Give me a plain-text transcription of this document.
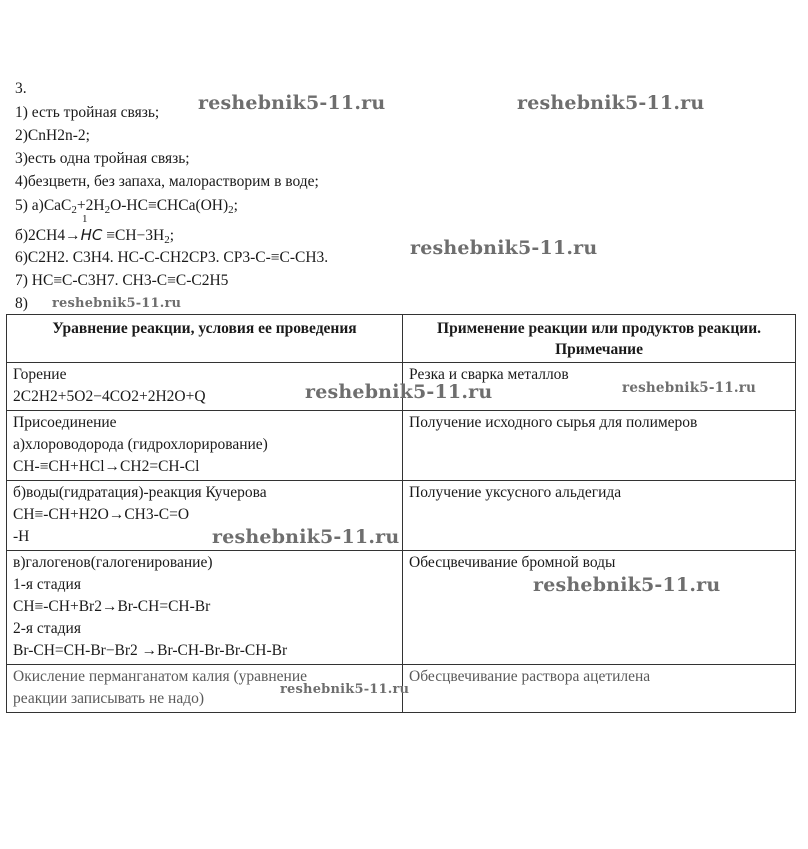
3.
1) есть тройная связь;
2)CnH2n-2;
3)есть одна тройная связь;
4)безцветн, без запаха, малорастворим в воде;
5) $а)CaC_2+2H_2O-HC\equiv CHCa(OH)_2$;
1
$б)2CH4\to HC \equiv CH-3H_2$;
6)C2H2. C3H4. HC-C-CH2CP3. CP3-C-≡C-CH3.
7) HC≡C-C3H7. CH3-C≡C-C2H5
8)
Уравнение реакции, условия ее проведения	Применение реакции или продуктов реакции. Примечание

Горение
2C2H2+5O2−4CO2+2H2O+Q	Резка и сварка металлов

Присоединение
а)хлороводорода (гидрохлорирование)
CH-≡CH+HCl→CH2=CH-Cl	Получение исходного сырья для полимеров

б)воды(гидратация)-реакция Кучерова
CH≡-CH+H2O→CH3-C=O
-H	Получение уксусного альдегида

в)галогенов(галогенирование)
1-я стадия
CH≡-CH+Br2→Br-CH=CH-Br
2-я стадия
Br-CH=CH-Br−Br2 →Br-CH-Br-Br-CH-Br	Обесцвечивание бромной воды

Окисление перманганатом калия (уравнение
реакции записывать не надо)	Обесцвечивание раствора ацетилена
reshebnik5-11.ru	reshebnik5-11.ru
reshebnik5-11.ru
reshebnik5-11.ru
reshebnik5-11.ru	reshebnik5-11.ru
reshebnik5-11.ru
reshebnik5-11.ru
reshebnik5-11.ru
